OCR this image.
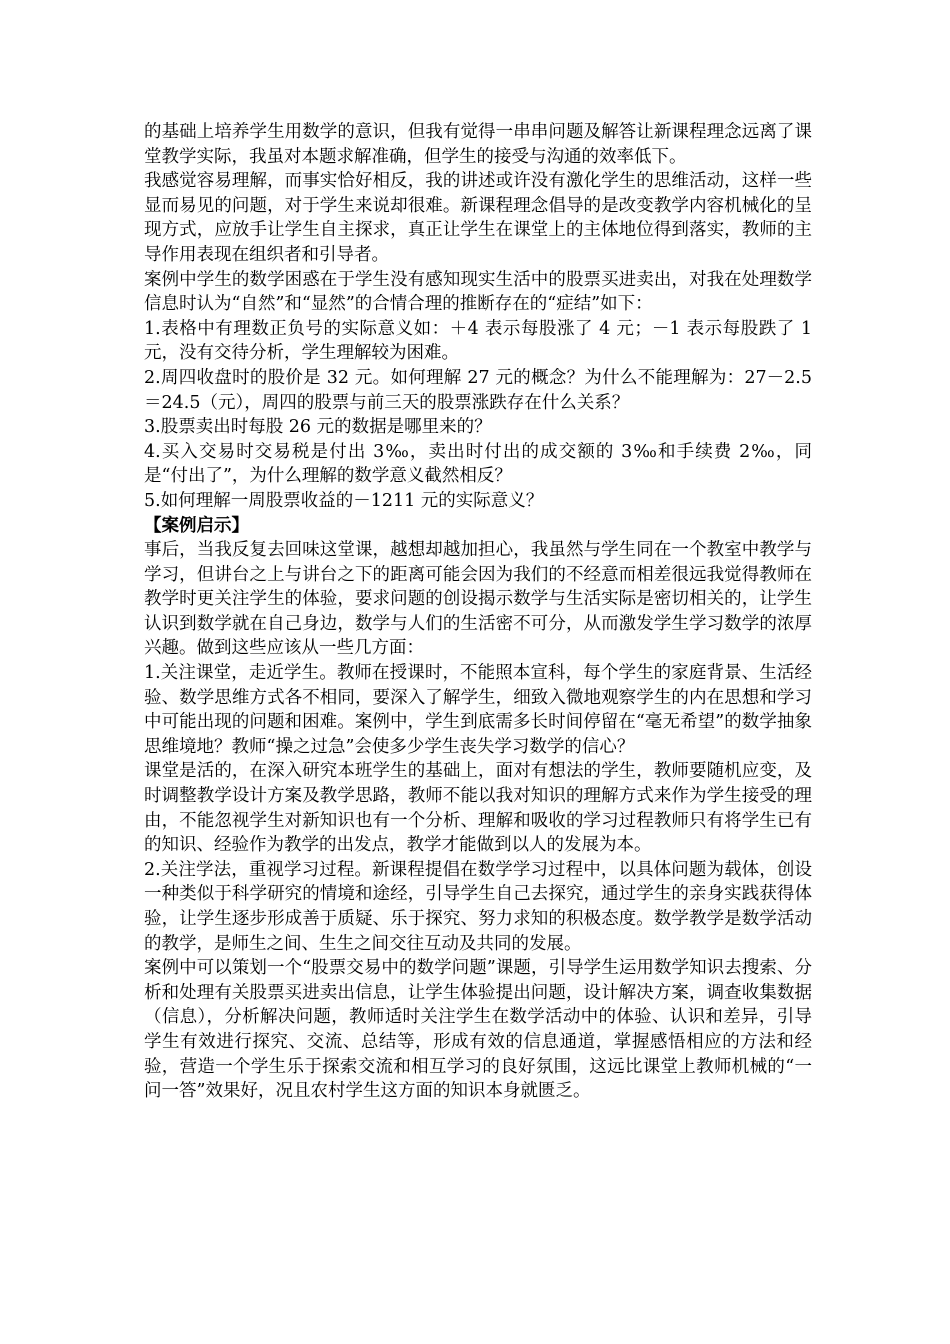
的基础上培养学生用数学的意识，但我有觉得一串串问题及解答让新课程理念远离了课堂教学实际，我虽对本题求解准确，但学生的接受与沟通的效率低下。

我感觉容易理解，而事实恰好相反，我的讲述或许没有激化学生的思维活动，这样一些显而易见的问题，对于学生来说却很难。新课程理念倡导的是改变教学内容机械化的呈现方式，应放手让学生自主探求，真正让学生在课堂上的主体地位得到落实，教师的主导作用表现在组织者和引导者。

案例中学生的数学困惑在于学生没有感知现实生活中的股票买进卖出，对我在处理数学信息时认为“自然”和“显然”的合情合理的推断存在的“症结”如下：

1.表格中有理数正负号的实际意义如：＋4 表示每股涨了 4 元；－1 表示每股跌了 1 元，没有交待分析，学生理解较为困难。

2.周四收盘时的股价是 32 元。如何理解 27 元的概念？为什么不能理解为：27－2.5＝24.5（元），周四的股票与前三天的股票涨跌存在什么关系？

3.股票卖出时每股 26 元的数据是哪里来的？

4.买入交易时交易税是付出 3‰，卖出时付出的成交额的 3‰和手续费 2‰，同是“付出了”，为什么理解的数学意义截然相反？

5.如何理解一周股票收益的－1211 元的实际意义？

【案例启示】

事后，当我反复去回味这堂课，越想却越加担心，我虽然与学生同在一个教室中教学与学习，但讲台之上与讲台之下的距离可能会因为我们的不经意而相差很远我觉得教师在教学时更关注学生的体验，要求问题的创设揭示数学与生活实际是密切相关的，让学生认识到数学就在自己身边，数学与人们的生活密不可分，从而激发学生学习数学的浓厚兴趣。做到这些应该从一些几方面：

1.关注课堂，走近学生。教师在授课时，不能照本宣科，每个学生的家庭背景、生活经验、数学思维方式各不相同，要深入了解学生，细致入微地观察学生的内在思想和学习中可能出现的问题和困难。案例中，学生到底需多长时间停留在“毫无希望”的数学抽象思维境地？教师“操之过急”会使多少学生丧失学习数学的信心？

课堂是活的，在深入研究本班学生的基础上，面对有想法的学生，教师要随机应变，及时调整教学设计方案及教学思路，教师不能以我对知识的理解方式来作为学生接受的理由，不能忽视学生对新知识也有一个分析、理解和吸收的学习过程教师只有将学生已有的知识、经验作为教学的出发点，教学才能做到以人的发展为本。

2.关注学法，重视学习过程。新课程提倡在数学学习过程中，以具体问题为载体，创设一种类似于科学研究的情境和途经，引导学生自己去探究，通过学生的亲身实践获得体验，让学生逐步形成善于质疑、乐于探究、努力求知的积极态度。数学教学是数学活动的教学，是师生之间、生生之间交往互动及共同的发展。

案例中可以策划一个“股票交易中的数学问题”课题，引导学生运用数学知识去搜索、分析和处理有关股票买进卖出信息，让学生体验提出问题，设计解决方案，调查收集数据（信息），分析解决问题，教师适时关注学生在数学活动中的体验、认识和差异，引导学生有效进行探究、交流、总结等，形成有效的信息通道，掌握感悟相应的方法和经验，营造一个学生乐于探索交流和相互学习的良好氛围，这远比课堂上教师机械的“一问一答”效果好，况且农村学生这方面的知识本身就匮乏。
